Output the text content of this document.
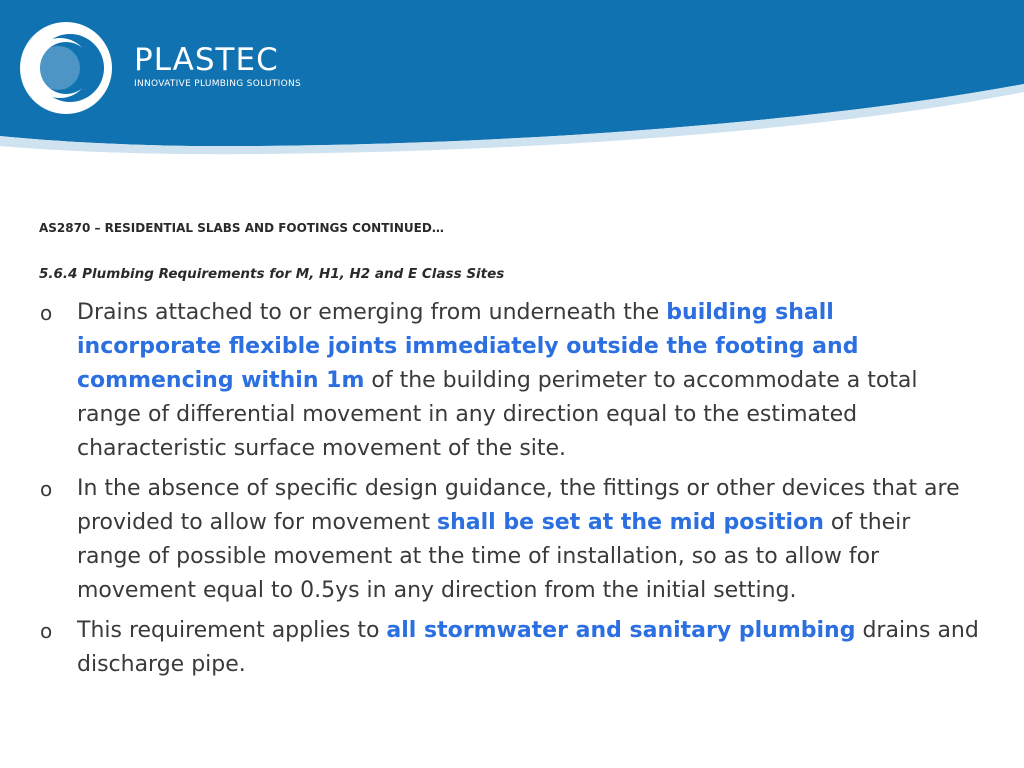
PLASTEC
INNOVATIVE PLUMBING SOLUTIONS
AS2870 – RESIDENTIAL SLABS AND FOOTINGS CONTINUED…
5.6.4 Plumbing Requirements for M, H1, H2 and E Class Sites
o Drains attached to or emerging from underneath the building shall incorporate flexible joints immediately outside the footing and commencing within 1m of the building perimeter to accommodate a total range of differential movement in any direction equal to the estimated characteristic surface movement of the site.
o In the absence of specific design guidance, the fittings or other devices that are provided to allow for movement shall be set at the mid position of their range of possible movement at the time of installation, so as to allow for movement equal to 0.5ys in any direction from the initial setting.
o This requirement applies to all stormwater and sanitary plumbing drains and discharge pipe.
